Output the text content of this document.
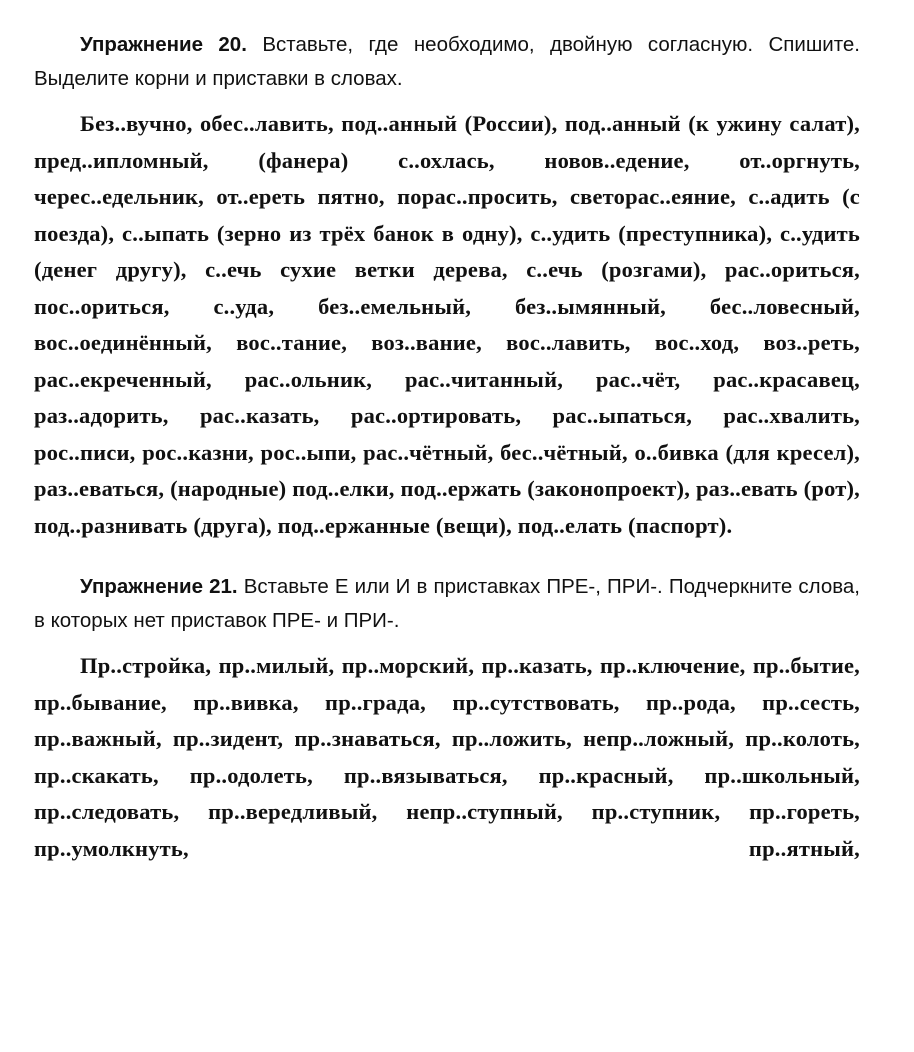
Упражнение 20. Вставьте, где необходимо, двойную согласную. Спишите. Выделите корни и приставки в словах.

Без..вучно, обес..лавить, под..анный (России), под..анный (к ужину салат), пред..ипломный, (фанера) с..охлась, новов..едение, от..оргнуть, черес..едельник, от..ереть пятно, порас..просить, светорас..еяние, с..адить (с поезда), с..ыпать (зерно из трёх банок в одну), с..удить (преступника), с..удить (денег другу), с..ечь сухие ветки дерева, с..ечь (розгами), рас..ориться, пос..ориться, с..уда, без..емельный, без..ымянный, бес..ловесный, вос..оединённый, вос..тание, воз..вание, вос..лавить, вос..ход, воз..реть, рас..екреченный, рас..ольник, рас..читанный, рас..чёт, рас..красавец, раз..адорить, рас..казать, рас..ортировать, рас..ыпаться, рас..хвалить, рос..писи, рос..казни, рос..ыпи, рас..чётный, бес..чётный, о..бивка (для кресел), раз..еваться, (народные) под..елки, под..ержать (законопроект), раз..евать (рот), под..разнивать (друга), под..ержанные (вещи), под..елать (паспорт).

Упражнение 21. Вставьте Е или И в приставках ПРЕ-, ПРИ-. Подчеркните слова, в которых нет приставок ПРЕ- и ПРИ-.

Пр..стройка, пр..милый, пр..морский, пр..казать, пр..ключение, пр..бытие, пр..бывание, пр..вивка, пр..града, пр..сутствовать, пр..рода, пр..сесть, пр..важный, пр..зидент, пр..знаваться, пр..ложить, непр..ложный, пр..колоть, пр..скакать, пр..одолеть, пр..вязываться, пр..красный, пр..школьный, пр..следовать, пр..вередливый, непр..ступный, пр..ступник, пр..гореть, пр..умолкнуть, пр..ятный,
